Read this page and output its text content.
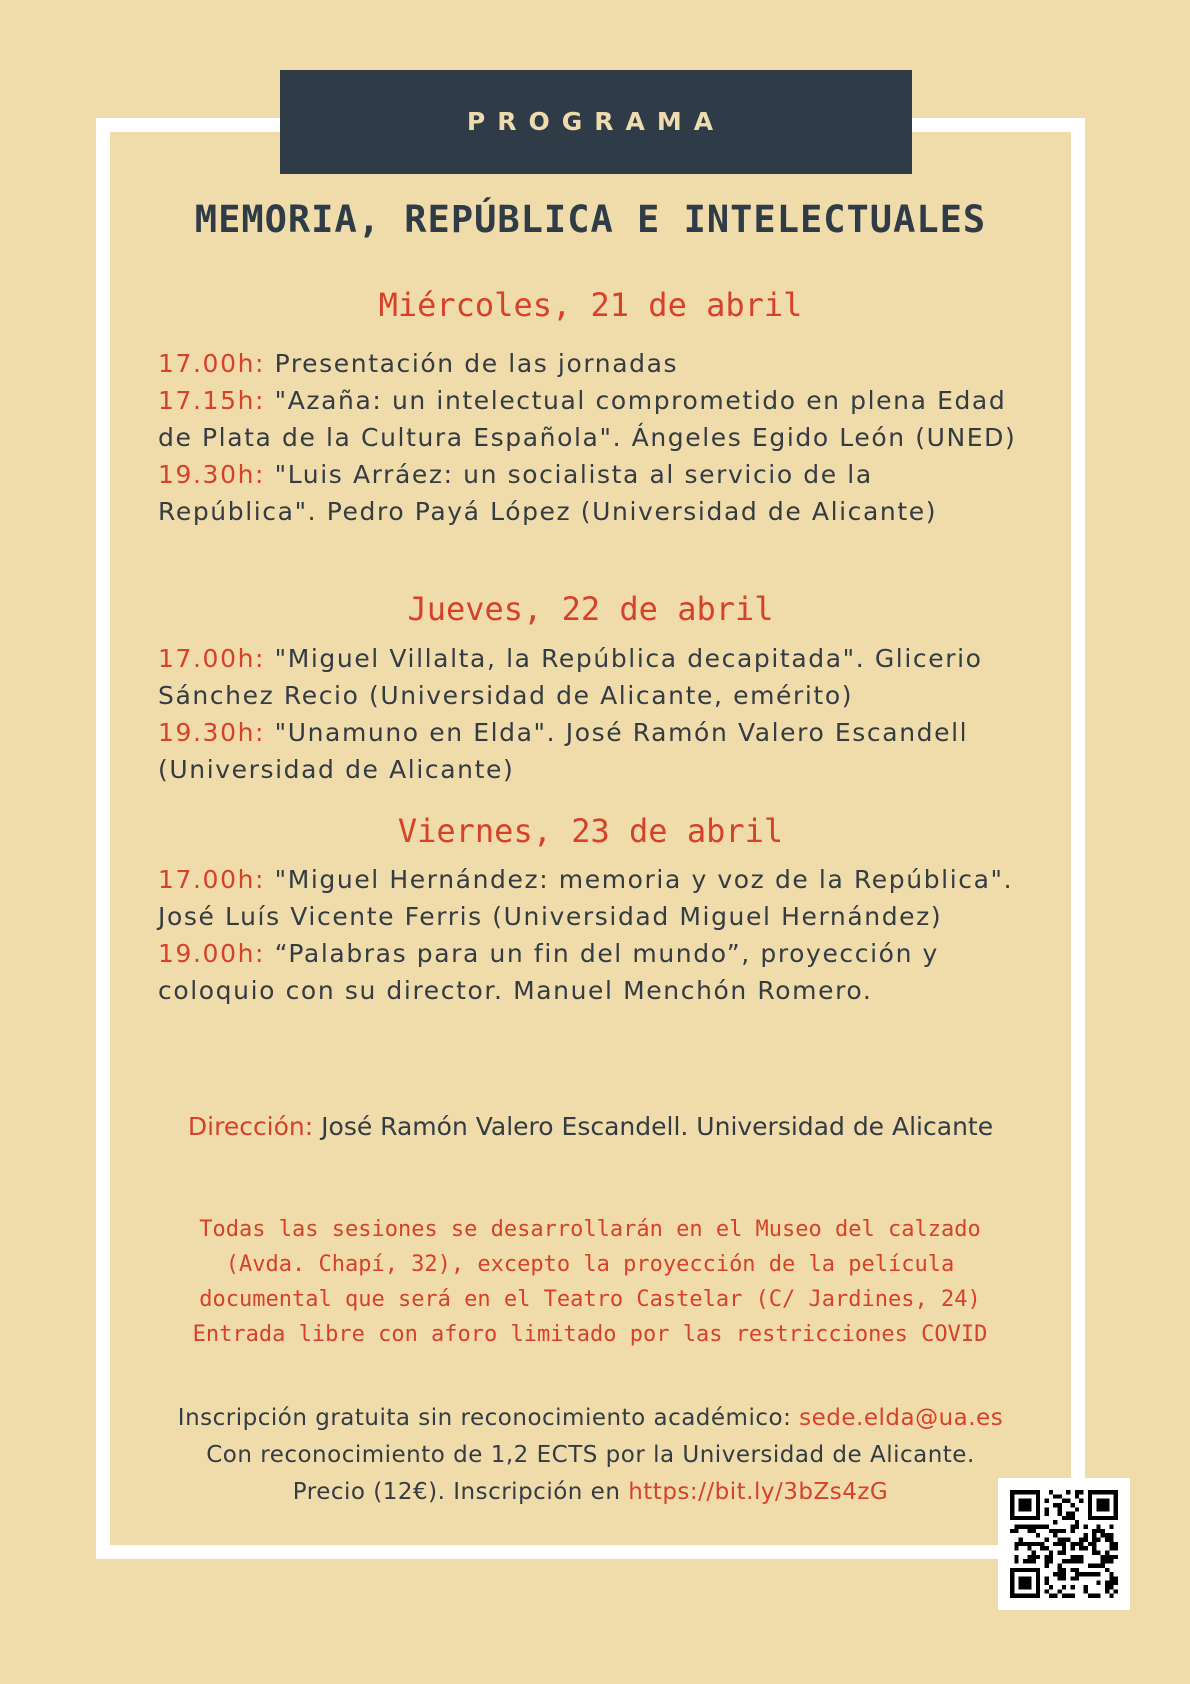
PROGRAMA
MEMORIA, REPÚBLICA E INTELECTUALES
Miércoles, 21 de abril

17.00h: Presentación de las jornadas

17.15h: "Azaña: un intelectual comprometido en plena Edad de Plata de la Cultura Española". Ángeles Egido León (UNED)

19.30h: "Luis Arráez: un socialista al servicio de la República". Pedro Payá López (Universidad de Alicante)

Jueves, 22 de abril

17.00h: "Miguel Villalta, la República decapitada". Glicerio Sánchez Recio (Universidad de Alicante, emérito)

19.30h: "Unamuno en Elda". José Ramón Valero Escandell (Universidad de Alicante)

Viernes, 23 de abril

17.00h: "Miguel Hernández: memoria y voz de la República". José Luís Vicente Ferris (Universidad Miguel Hernández)

19.00h: “Palabras para un fin del mundo”, proyección y coloquio con su director. Manuel Menchón Romero.

Dirección: José Ramón Valero Escandell. Universidad de Alicante

Todas las sesiones se desarrollarán en el Museo del calzado

(Avda. Chapí, 32), excepto la proyección de la película

documental que será en el Teatro Castelar (C/ Jardines, 24)

Entrada libre con aforo limitado por las restricciones COVID

Inscripción gratuita sin reconocimiento académico: sede.elda@ua.es

Con reconocimiento de 1,2 ECTS por la Universidad de Alicante.

Precio (12€). Inscripción en https://bit.ly/3bZs4zG
